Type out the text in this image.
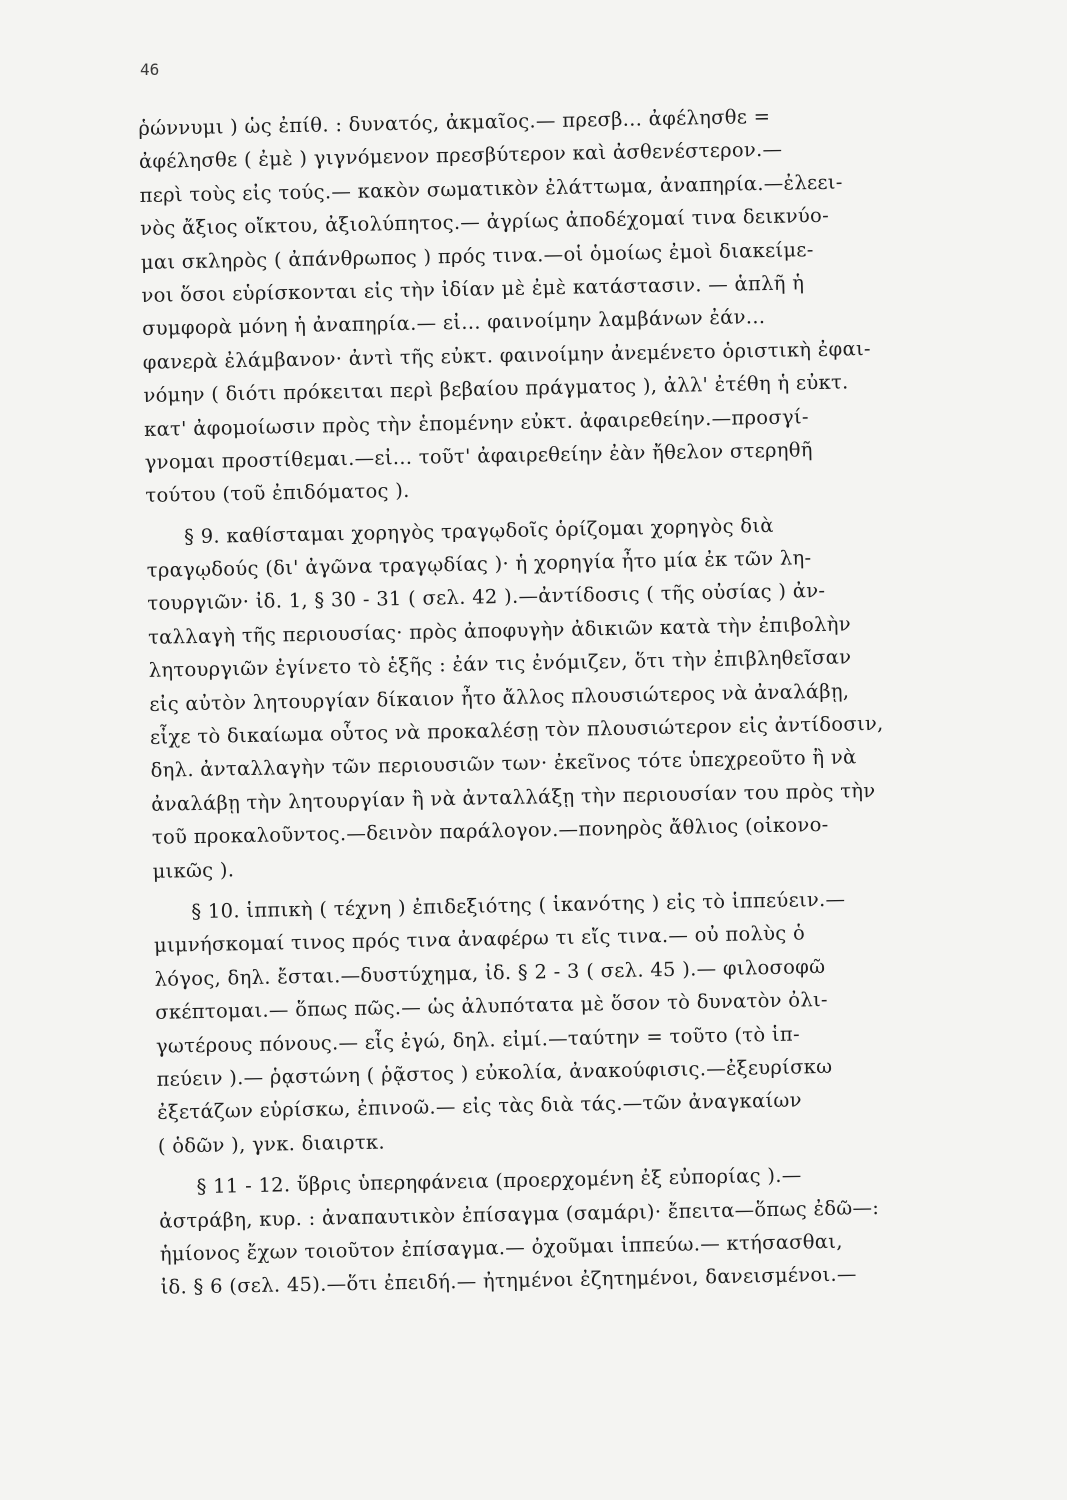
46
ῥώννυμι ) ὡς ἐπίθ. : δυνατός, ἀκμαῖος.— πρεσβ... ἀφέλησθε =
ἀφέλησθε ( ἐμὲ ) γιγνόμενον πρεσβύτερον καὶ ἀσθενέστερον.—
περὶ τοὺς εἰς τούς.— κακὸν σωματικὸν ἐλάττωμα, ἀναπηρία.—ἐλεει-
νὸς ἄξιος οἴκτου, ἀξιολύπητος.— ἀγρίως ἀποδέχομαί τινα δεικνύο-
μαι σκληρὸς ( ἀπάνθρωπος ) πρός τινα.—οἱ ὁμοίως ἐμοὶ διακείμε-
νοι ὅσοι εὑρίσκονται εἰς τὴν ἰδίαν μὲ ἐμὲ κατάστασιν. — ἁπλῆ ἡ
συμφορὰ μόνη ἡ ἀναπηρία.— εἰ... φαινοίμην λαμβάνων ἐάν...
φανερὰ ἐλάμβανον· ἀντὶ τῆς εὐκτ. φαινοίμην ἀνεμένετο ὁριστικὴ ἐφαι-
νόμην ( διότι πρόκειται περὶ βεβαίου πράγματος ), ἀλλ' ἐτέθη ἡ εὐκτ.
κατ' ἀφομοίωσιν πρὸς τὴν ἑπομένην εὐκτ. ἀφαιρεθείην.—προσγί-
γνομαι προστίθεμαι.—εἰ... τοῦτ' ἀφαιρεθείην ἐὰν ἤθελον στερηθῆ
τούτου (τοῦ ἐπιδόματος ).
§ 9. καθίσταμαι χορηγὸς τραγῳδοῖς ὁρίζομαι χορηγὸς διὰ
τραγῳδούς (δι' ἀγῶνα τραγῳδίας )· ἡ χορηγία ἦτο μία ἐκ τῶν λη-
τουργιῶν· ἰδ. 1, § 30 - 31 ( σελ. 42 ).—ἀντίδοσις ( τῆς οὐσίας ) ἀν-
ταλλαγὴ τῆς περιουσίας· πρὸς ἀποφυγὴν ἀδικιῶν κατὰ τὴν ἐπιβολὴν
λητουργιῶν ἐγίνετο τὸ ἑξῆς : ἐάν τις ἐνόμιζεν, ὅτι τὴν ἐπιβληθεῖσαν
εἰς αὐτὸν λητουργίαν δίκαιον ἦτο ἄλλος πλουσιώτερος νὰ ἀναλάβῃ,
εἶχε τὸ δικαίωμα οὗτος νὰ προκαλέσῃ τὸν πλουσιώτερον εἰς ἀντίδοσιν,
δηλ. ἀνταλλαγὴν τῶν περιουσιῶν των· ἐκεῖνος τότε ὑπεχρεοῦτο ἢ νὰ
ἀναλάβῃ τὴν λητουργίαν ἢ νὰ ἀνταλλάξῃ τὴν περιουσίαν του πρὸς τὴν
τοῦ προκαλοῦντος.—δεινὸν παράλογον.—πονηρὸς ἄθλιος (οἰκονο-
μικῶς ).
§ 10. ἱππικὴ ( τέχνη ) ἐπιδεξιότης ( ἱκανότης ) εἰς τὸ ἱππεύειν.—
μιμνήσκομαί τινος πρός τινα ἀναφέρω τι εἴς τινα.— οὐ πολὺς ὁ
λόγος, δηλ. ἔσται.—δυστύχημα, ἰδ. § 2 - 3 ( σελ. 45 ).— φιλοσοφῶ
σκέπτομαι.— ὅπως πῶς.— ὡς ἀλυπότατα μὲ ὅσον τὸ δυνατὸν ὀλι-
γωτέρους πόνους.— εἷς ἐγώ, δηλ. εἰμί.—ταύτην = τοῦτο (τὸ ἱπ-
πεύειν ).— ῥᾳστώνη ( ῥᾷστος ) εὐκολία, ἀνακούφισις.—ἐξευρίσκω
ἐξετάζων εὑρίσκω, ἐπινοῶ.— εἰς τὰς διὰ τάς.—τῶν ἀναγκαίων
( ὁδῶν ), γνκ. διαιρτκ.
§ 11 - 12. ὕβρις ὑπερηφάνεια (προερχομένη ἐξ εὐπορίας ).—
ἀστράβη, κυρ. : ἀναπαυτικὸν ἐπίσαγμα (σαμάρι)· ἔπειτα—ὅπως ἐδῶ—:
ἡμίονος ἔχων τοιοῦτον ἐπίσαγμα.— ὀχοῦμαι ἱππεύω.— κτήσασθαι,
ἰδ. § 6 (σελ. 45).—ὅτι ἐπειδή.— ἠτημένοι ἐζητημένοι, δανεισμένοι.—
